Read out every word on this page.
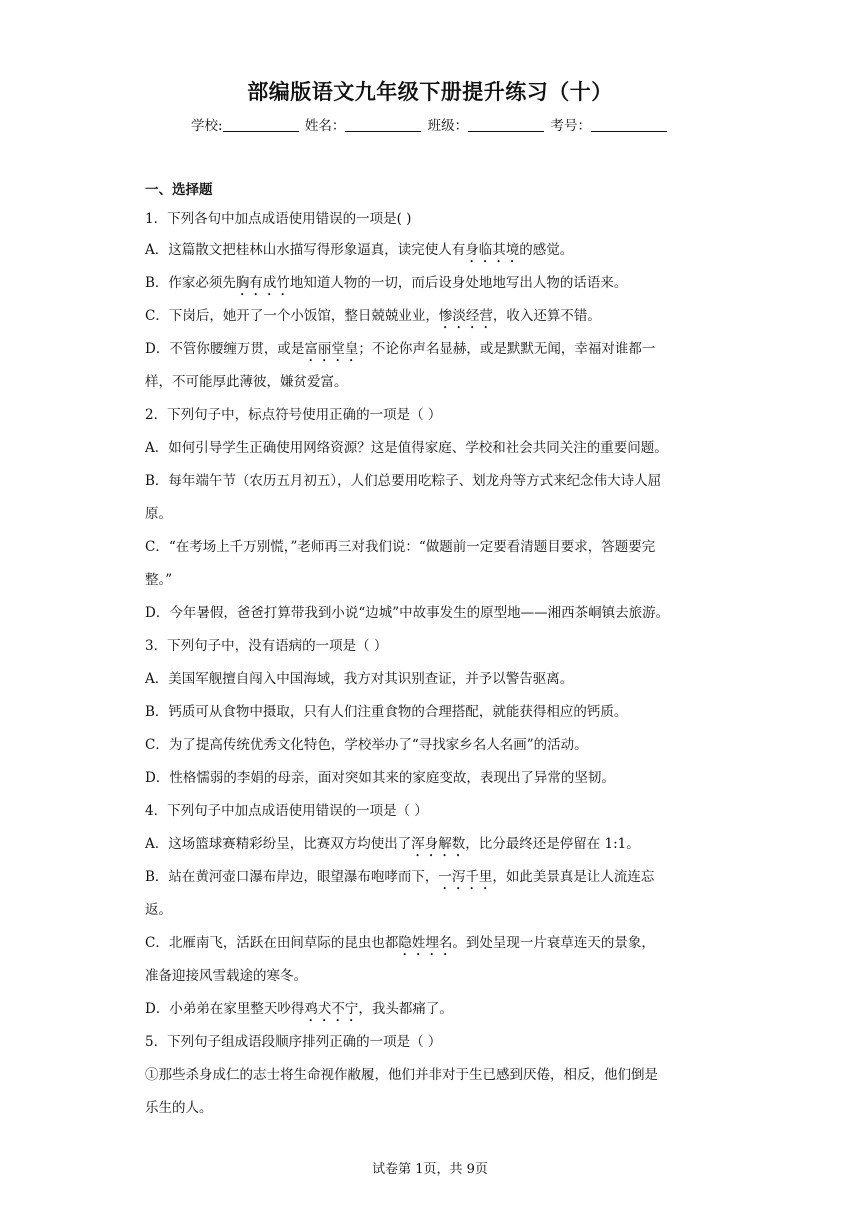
部编版语文九年级下册提升练习（十）
学校:	姓名：	班级：	考号：
一、选择题
1．下列各句中加点成语使用错误的一项是( )
A．这篇散文把桂林山水描写得形象逼真，读完使人有身临其境的感觉。
B．作家必须先胸有成竹地知道人物的一切，而后设身处地地写出人物的话语来。
C．下岗后，她开了一个小饭馆，整日兢兢业业，惨淡经营，收入还算不错。
D．不管你腰缠万贯，或是富丽堂皇；不论你声名显赫，或是默默无闻，幸福对谁都一
样，不可能厚此薄彼，嫌贫爱富。
2．下列句子中，标点符号使用正确的一项是（ ）
A．如何引导学生正确使用网络资源？这是值得家庭、学校和社会共同关注的重要问题。
B．每年端午节（农历五月初五），人们总要用吃粽子、划龙舟等方式来纪念伟大诗人屈
原。
C．“在考场上千万别慌，”老师再三对我们说：“做题前一定要看清题目要求，答题要完
整。”
D．今年暑假，爸爸打算带我到小说“边城”中故事发生的原型地——湘西茶峒镇去旅游。
3．下列句子中，没有语病的一项是（ ）
A．美国军舰擅自闯入中国海域，我方对其识别查证，并予以警告驱离。
B．钙质可从食物中摄取，只有人们注重食物的合理搭配，就能获得相应的钙质。
C．为了提高传统优秀文化特色，学校举办了“寻找家乡名人名画”的活动。
D．性格懦弱的李娟的母亲，面对突如其来的家庭变故，表现出了异常的坚韧。
4．下列句子中加点成语使用错误的一项是（ ）
A．这场篮球赛精彩纷呈，比赛双方均使出了浑身解数，比分最终还是停留在 1:1。
B．站在黄河壶口瀑布岸边，眼望瀑布咆哮而下，一泻千里，如此美景真是让人流连忘
返。
C．北雁南飞，活跃在田间草际的昆虫也都隐姓埋名。到处呈现一片衰草连天的景象，
准备迎接风雪载途的寒冬。
D．小弟弟在家里整天吵得鸡犬不宁，我头都痛了。
5．下列句子组成语段顺序排列正确的一项是（ ）
①那些杀身成仁的志士将生命视作敝履，他们并非对于生已感到厌倦，相反，他们倒是
乐生的人。
试卷第 1页，共 9页
